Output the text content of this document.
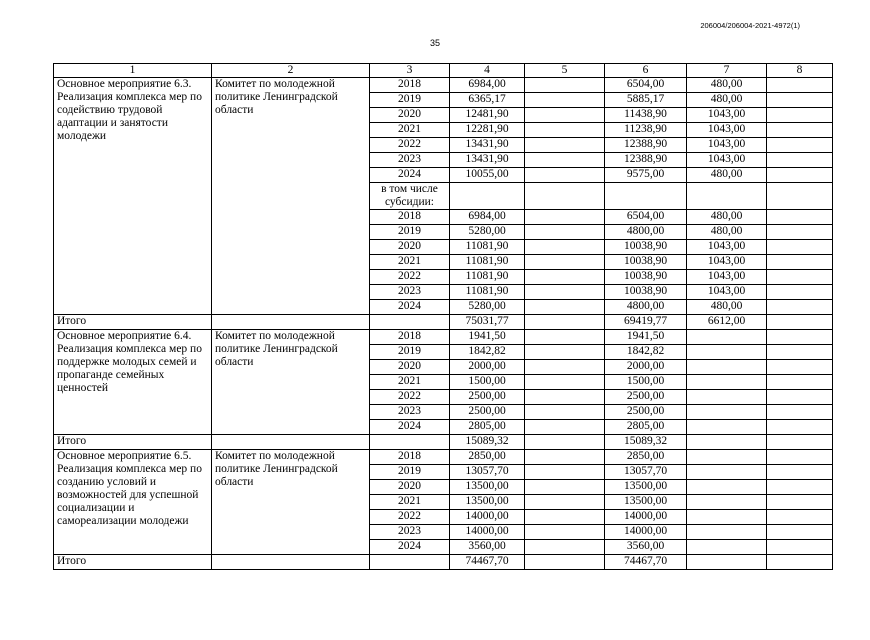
206004/206004-2021-4972(1)
35
1	2	3	4	5	6	7	8
Основное мероприятие 6.3. Реализация комплекса мер по содействию трудовой адаптации и занятости молодежи	Комитет по молодежной политике Ленинградской области	2018	6984,00		6504,00	480,00	
		2019	6365,17		5885,17	480,00	
		2020	12481,90		11438,90	1043,00	
		2021	12281,90		11238,90	1043,00	
		2022	13431,90		12388,90	1043,00	
		2023	13431,90		12388,90	1043,00	
		2024	10055,00		9575,00	480,00	
		в том числе субсидии:					
		2018	6984,00		6504,00	480,00	
		2019	5280,00		4800,00	480,00	
		2020	11081,90		10038,90	1043,00	
		2021	11081,90		10038,90	1043,00	
		2022	11081,90		10038,90	1043,00	
		2023	11081,90		10038,90	1043,00	
		2024	5280,00		4800,00	480,00	
Итого			75031,77		69419,77	6612,00	
Основное мероприятие 6.4. Реализация комплекса мер по поддержке молодых семей и пропаганде семейных ценностей	Комитет по молодежной политике Ленинградской области	2018	1941,50		1941,50		
		2019	1842,82		1842,82		
		2020	2000,00		2000,00		
		2021	1500,00		1500,00		
		2022	2500,00		2500,00		
		2023	2500,00		2500,00		
		2024	2805,00		2805,00		
Итого			15089,32		15089,32		
Основное мероприятие 6.5. Реализация комплекса мер по созданию условий и возможностей для успешной социализации и самореализации молодежи	Комитет по молодежной политике Ленинградской области	2018	2850,00		2850,00		
		2019	13057,70		13057,70		
		2020	13500,00		13500,00		
		2021	13500,00		13500,00		
		2022	14000,00		14000,00		
		2023	14000,00		14000,00		
		2024	3560,00		3560,00		
Итого			74467,70		74467,70		
